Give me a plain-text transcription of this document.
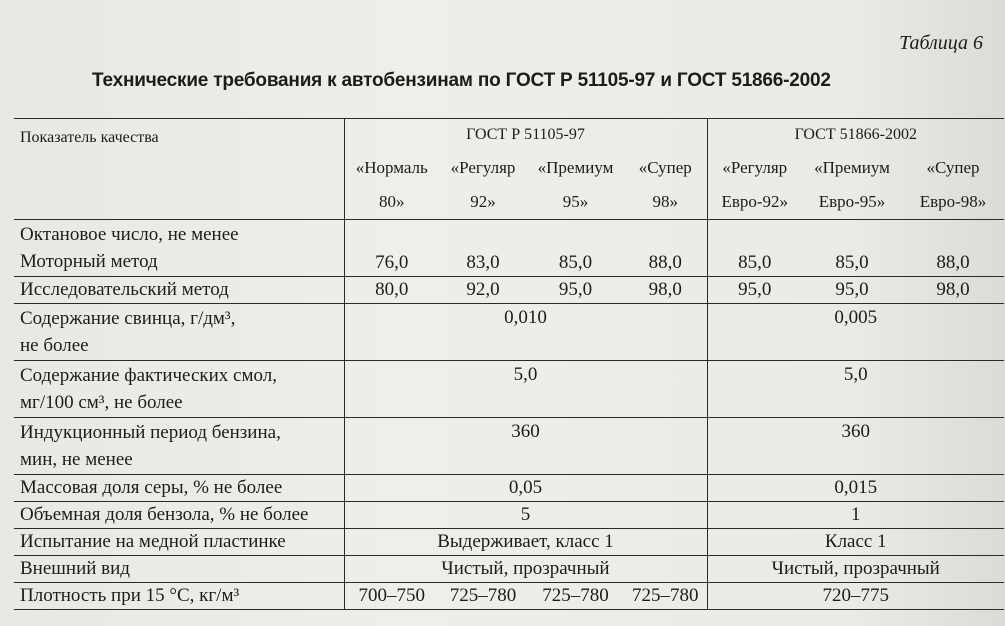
Таблица 6
Технические требования к автобензинам по ГОСТ Р 51105-97 и ГОСТ 51866-2002
Показатель качества	ГОСТ Р 51105-97				ГОСТ 51866-2002		
	«Нормаль	«Регуляр	«Премиум	«Супер	«Регуляр	«Премиум	«Супер
	80»	92»	95»	98»	Евро-92»	Евро-95»	Евро-98»

Октановое число, не менее
Моторный метод	76,0	83,0	85,0	88,0	85,0	85,0	88,0
Исследовательский метод	80,0	92,0	95,0	98,0	95,0	95,0	98,0

Содержание свинца, г/дм³,
не более	0,010				0,005		

Содержание фактических смол,
мг/100 см³, не более	5,0				5,0		

Индукционный период бензина,
мин, не менее	360				360		
Массовая доля серы, % не более	0,05				0,015		
Объемная доля бензола, % не более	5				1		
Испытание на медной пластинке	Выдерживает, класс 1				Класс 1		
Внешний вид	Чистый, прозрачный				Чистый, прозрачный		
Плотность при 15 °С, кг/м³	700–750	725–780	725–780	725–780	720–775		
